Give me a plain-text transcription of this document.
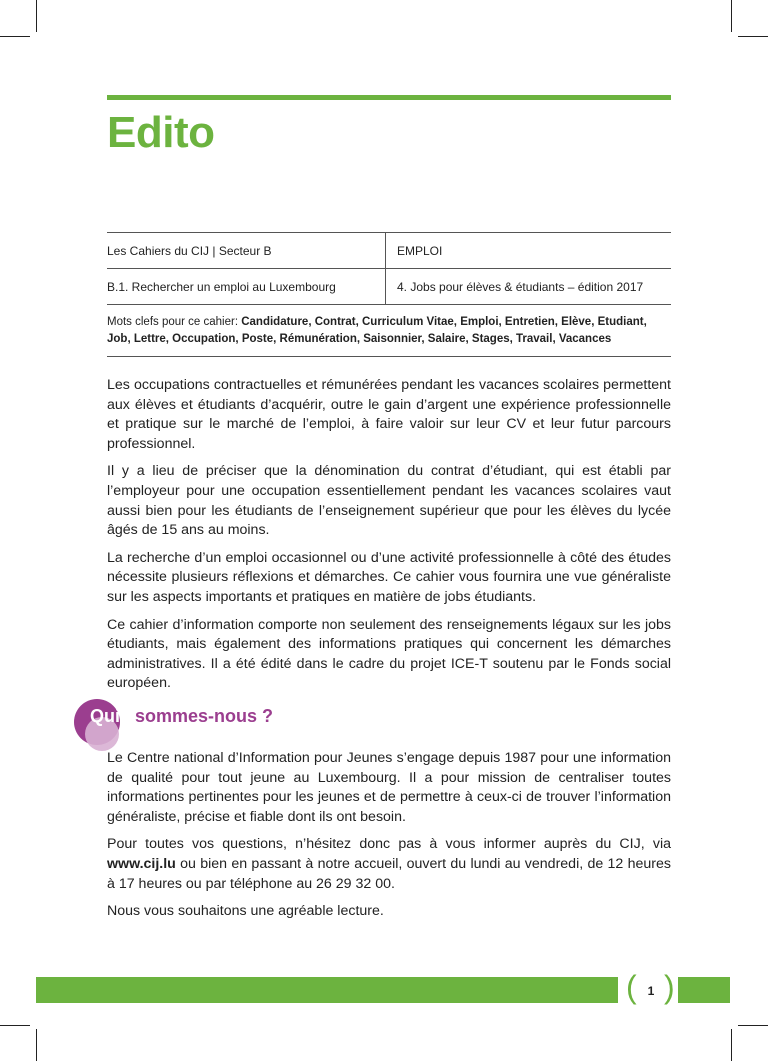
Edito
Les Cahiers du CIJ | Secteur B	EMPLOI
B.1. Rechercher un emploi au Luxembourg	4. Jobs pour élèves & étudiants – édition 2017
Mots clefs pour ce cahier: Candidature, Contrat, Curriculum Vitae, Emploi, Entretien, Elève, Etudiant, Job, Lettre, Occupation, Poste, Rémunération, Saisonnier, Salaire, Stages, Travail, Vacances

Les occupations contractuelles et rémunérées pendant les vacances scolaires permettent aux élèves et étudiants d’acquérir, outre le gain d’argent une expérience professionnelle et pratique sur le marché de l’emploi, à faire valoir sur leur CV et leur futur parcours professionnel.

Il y a lieu de préciser que la dénomination du contrat d’étudiant, qui est établi par l’employeur pour une occupation essentiellement pendant les vacances scolaires vaut aussi bien pour les étudiants de l’enseignement supérieur que pour les élèves du lycée âgés de 15 ans au moins.

La recherche d’un emploi occasionnel ou d’une activité professionnelle à côté des études nécessite plusieurs réflexions et démarches. Ce cahier vous fournira une vue généraliste sur les aspects importants et pratiques en matière de jobs étudiants.

Ce cahier d’information comporte non seulement des renseignements légaux sur les jobs étudiants, mais également des informations pratiques qui concernent les démarches administratives. Il a été édité dans le cadre du projet ICE-T soutenu par le Fonds social européen.

Qui sommes-nous ?

Le Centre national d’Information pour Jeunes s’engage depuis 1987 pour une information de qualité pour tout jeune au Luxembourg. Il a pour mission de centraliser toutes informations pertinentes pour les jeunes et de permettre à ceux-ci de trouver l’information généraliste, précise et fiable dont ils ont besoin.

Pour toutes vos questions, n’hésitez donc pas à vous informer auprès du CIJ, via www.cij.lu ou bien en passant à notre accueil, ouvert du lundi au vendredi, de 12 heures à 17 heures ou par téléphone au 26 29 32 00.

Nous vous souhaitons une agréable lecture.

( )
1
